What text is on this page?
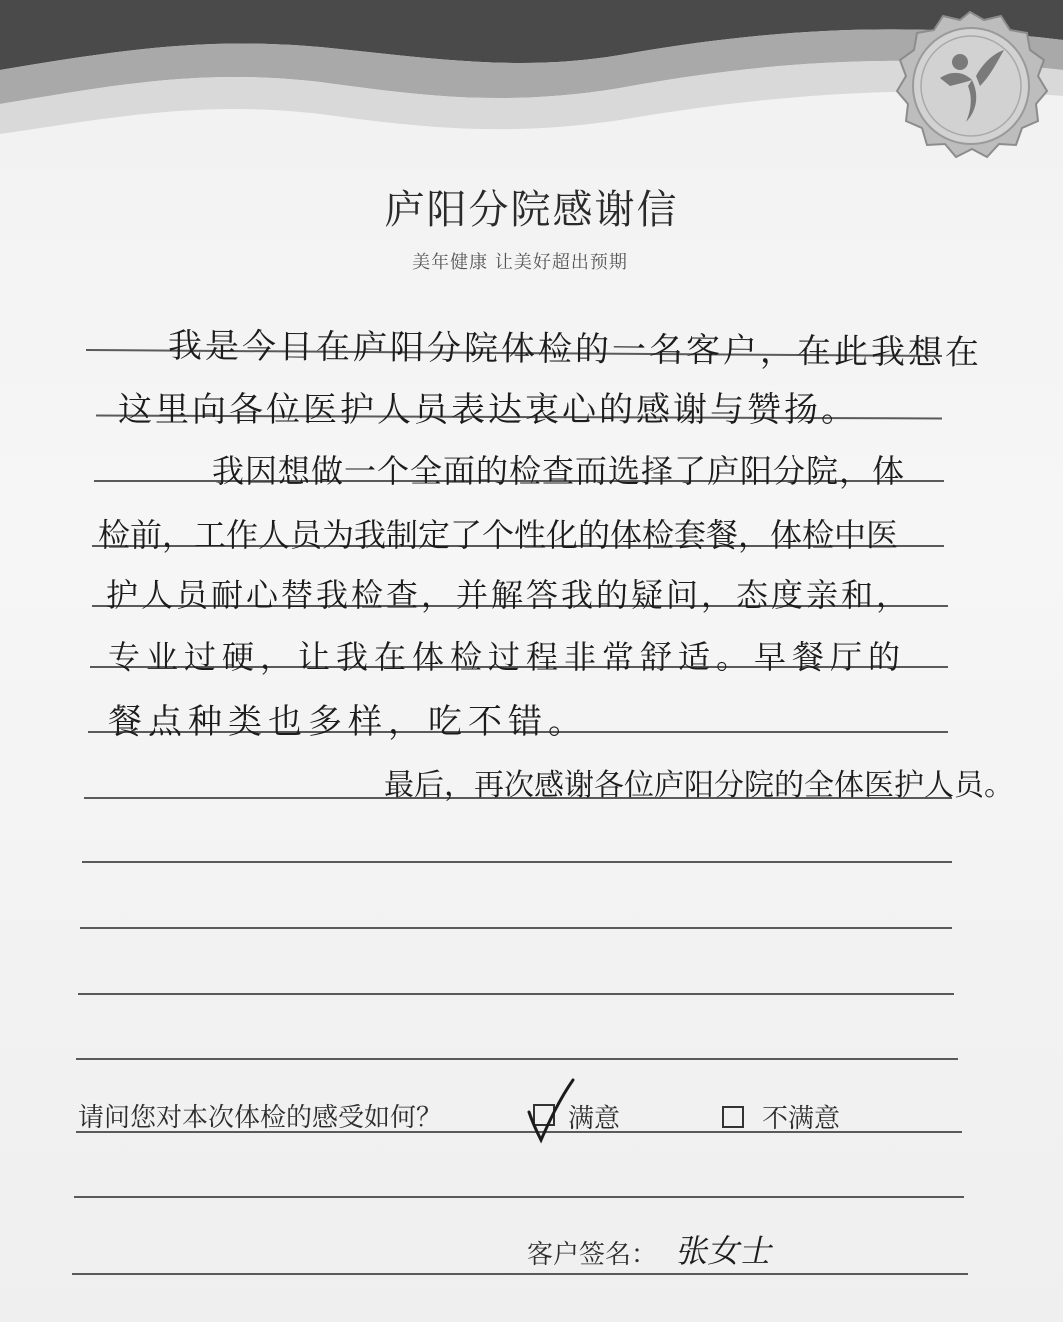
庐阳分院感谢信
美年健康 让美好超出预期
我是今日在庐阳分院体检的一名客户，在此我想在
这里向各位医护人员表达衷心的感谢与赞扬。
我因想做一个全面的检查而选择了庐阳分院，体
检前，工作人员为我制定了个性化的体检套餐，体检中医
护人员耐心替我检查，并解答我的疑问，态度亲和，
专业过硬，让我在体检过程非常舒适。早餐厅的
餐点种类也多样，吃不错。
最后，再次感谢各位庐阳分院的全体医护人员。
请问您对本次体检的感受如何？	满意	不满意
客户签名： 张女士
